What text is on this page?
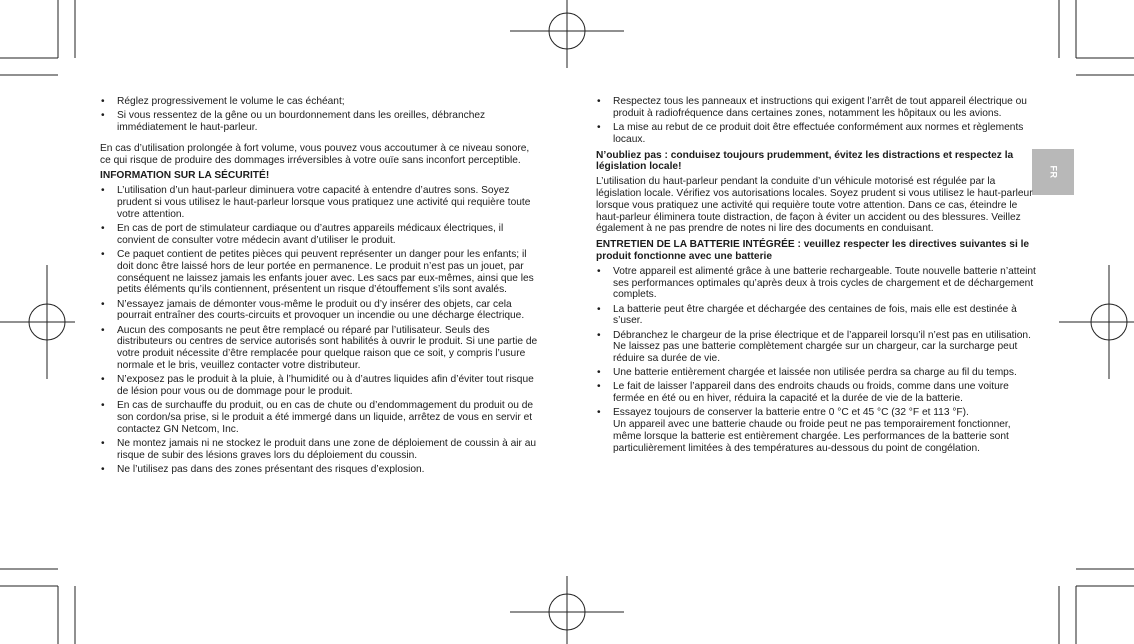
FR
• Réglez progressivement le volume le cas échéant;
• Si vous ressentez de la gêne ou un bourdonnement dans les oreilles, débranchez immédiatement le haut-parleur.

En cas d’utilisation prolongée à fort volume, vous pouvez vous accoutumer à ce niveau sonore, ce qui risque de produire des dommages irréversibles à votre ouïe sans inconfort perceptible.

INFORMATION SUR LA SÉCURITÉ!
• L’utilisation d’un haut-parleur diminuera votre capacité à entendre d’autres sons. Soyez prudent si vous utilisez le haut-parleur lorsque vous pratiquez une activité qui requière toute votre attention.
• En cas de port de stimulateur cardiaque ou d’autres appareils médicaux électriques, il convient de consulter votre médecin avant d’utiliser le produit.
• Ce paquet contient de petites pièces qui peuvent représenter un danger pour les enfants; il doit donc être laissé hors de leur portée en permanence. Le produit n’est pas un jouet, par conséquent ne laissez jamais les enfants jouer avec. Les sacs par eux-mêmes, ainsi que les petits éléments qu’ils contiennent, présentent un risque d’étouffement s’ils sont avalés.
• N’essayez jamais de démonter vous-même le produit ou d’y insérer des objets, car cela pourrait entraîner des courts-circuits et provoquer un incendie ou une décharge électrique.
• Aucun des composants ne peut être remplacé ou réparé par l’utilisateur. Seuls des distributeurs ou centres de service autorisés sont habilités à ouvrir le produit. Si une partie de votre produit nécessite d’être remplacée pour quelque raison que ce soit, y compris l’usure normale et le bris, veuillez contacter votre distributeur.
• N’exposez pas le produit à la pluie, à l’humidité ou à d’autres liquides afin d’éviter tout risque de lésion pour vous ou de dommage pour le produit.
• En cas de surchauffe du produit, ou en cas de chute ou d’endommagement du produit ou de son cordon/sa prise, si le produit a été immergé dans un liquide, arrêtez de vous en servir et contactez GN Netcom, Inc.
• Ne montez jamais ni ne stockez le produit dans une zone de déploiement de coussin à air au risque de subir des lésions graves lors du déploiement du coussin.
• Ne l’utilisez pas dans des zones présentant des risques d’explosion.
• Respectez tous les panneaux et instructions qui exigent l’arrêt de tout appareil électrique ou produit à radiofréquence dans certaines zones, notamment les hôpitaux ou les avions.
• La mise au rebut de ce produit doit être effectuée conformément aux normes et règlements locaux.
N’oubliez pas : conduisez toujours prudemment, évitez les distractions et respectez la législation locale!

L’utilisation du haut-parleur pendant la conduite d’un véhicule motorisé est régulée par la législation locale. Vérifiez vos autorisations locales. Soyez prudent si vous utilisez le haut-parleur lorsque vous pratiquez une activité qui requière toute votre attention. Dans ce cas, éteindre le haut-parleur éliminera toute distraction, de façon à éviter un accident ou des blessures. Veillez également à ne pas prendre de notes ni lire des documents en conduisant.

ENTRETIEN DE LA BATTERIE INTÉGRÉE : veuillez respecter les directives suivantes si le produit fonctionne avec une batterie
• Votre appareil est alimenté grâce à une batterie rechargeable. Toute nouvelle batterie n’atteint ses performances optimales qu’après deux à trois cycles de chargement et de déchargement complets.
• La batterie peut être chargée et déchargée des centaines de fois, mais elle est destinée à s’user.
• Débranchez le chargeur de la prise électrique et de l’appareil lorsqu’il n’est pas en utilisation. Ne laissez pas une batterie complètement chargée sur un chargeur, car la surcharge peut réduire sa durée de vie.
• Une batterie entièrement chargée et laissée non utilisée perdra sa charge au fil du temps.
• Le fait de laisser l’appareil dans des endroits chauds ou froids, comme dans une voiture fermée en été ou en hiver, réduira la capacité et la durée de vie de la batterie.
• Essayez toujours de conserver la batterie entre 0 °C et 45 °C (32 °F et 113 °F).
Un appareil avec une batterie chaude ou froide peut ne pas temporairement fonctionner, même lorsque la batterie est entièrement chargée. Les performances de la batterie sont particulièrement limitées à des températures au-dessous du point de congélation.
